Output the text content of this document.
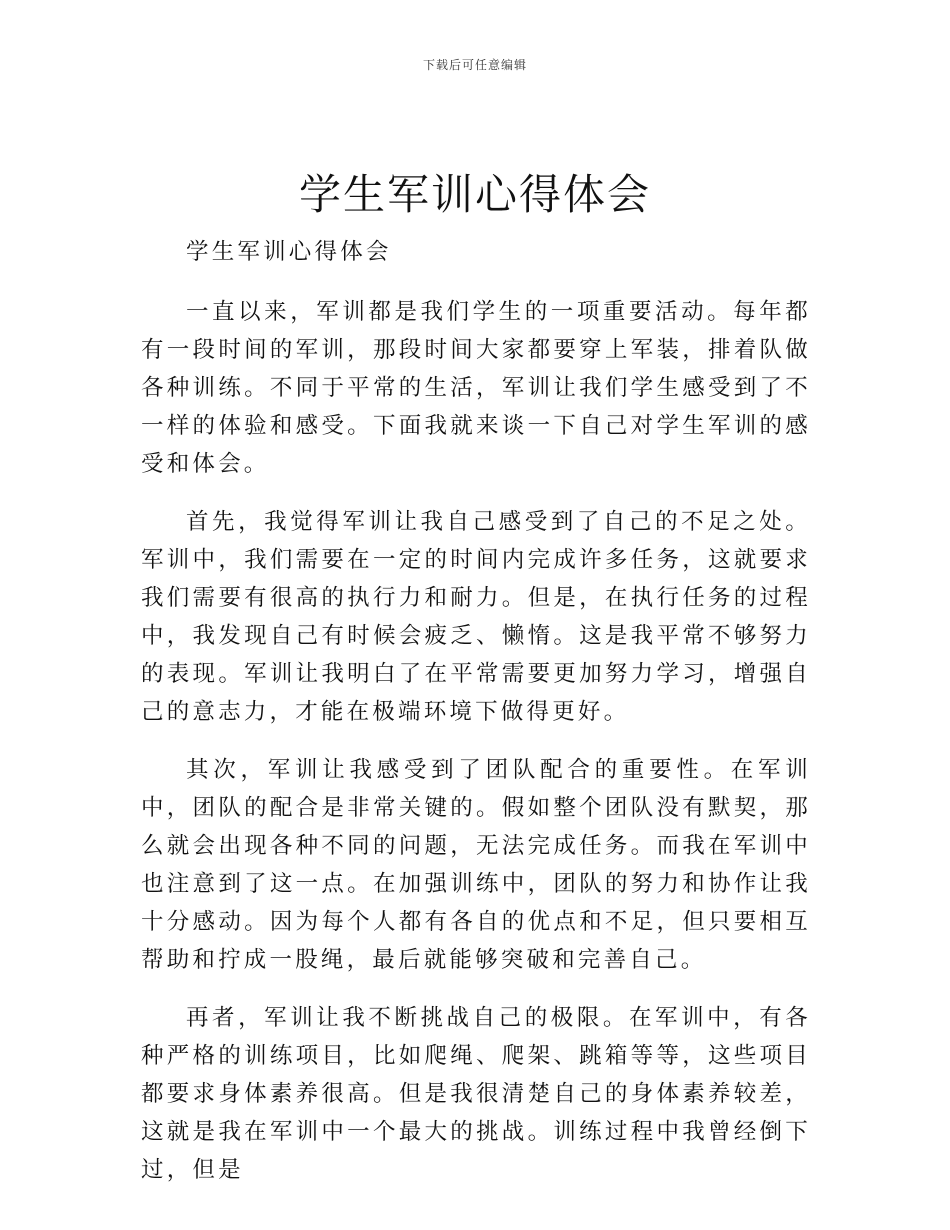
下载后可任意编辑
学生军训心得体会

学生军训心得体会

一直以来，军训都是我们学生的一项重要活动。每年都有一段时间的军训，那段时间大家都要穿上军装，排着队做各种训练。不同于平常的生活，军训让我们学生感受到了不一样的体验和感受。下面我就来谈一下自己对学生军训的感受和体会。

首先，我觉得军训让我自己感受到了自己的不足之处。军训中，我们需要在一定的时间内完成许多任务，这就要求我们需要有很高的执行力和耐力。但是，在执行任务的过程中，我发现自己有时候会疲乏、懒惰。这是我平常不够努力的表现。军训让我明白了在平常需要更加努力学习，增强自己的意志力，才能在极端环境下做得更好。

其次，军训让我感受到了团队配合的重要性。在军训中，团队的配合是非常关键的。假如整个团队没有默契，那么就会出现各种不同的问题，无法完成任务。而我在军训中也注意到了这一点。在加强训练中，团队的努力和协作让我十分感动。因为每个人都有各自的优点和不足，但只要相互帮助和拧成一股绳，最后就能够突破和完善自己。

再者，军训让我不断挑战自己的极限。在军训中，有各种严格的训练项目，比如爬绳、爬架、跳箱等等，这些项目都要求身体素养很高。但是我很清楚自己的身体素养较差，这就是我在军训中一个最大的挑战。训练过程中我曾经倒下过，但是
